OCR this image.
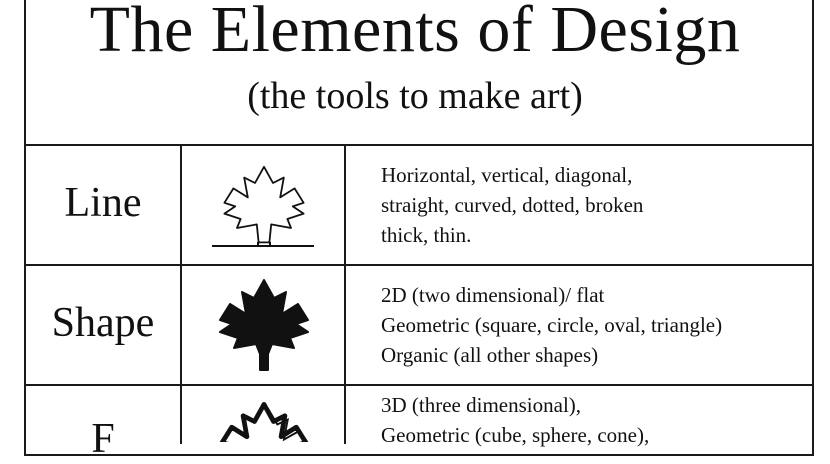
The Elements of Design
(the tools to make art)
Line
Horizontal, vertical, diagonal,
straight, curved, dotted, broken
thick, thin.
Shape
2D (two dimensional)/ flat
Geometric (square, circle, oval, triangle)
Organic (all other shapes)
F
3D (three dimensional),
Geometric (cube, sphere, cone),
